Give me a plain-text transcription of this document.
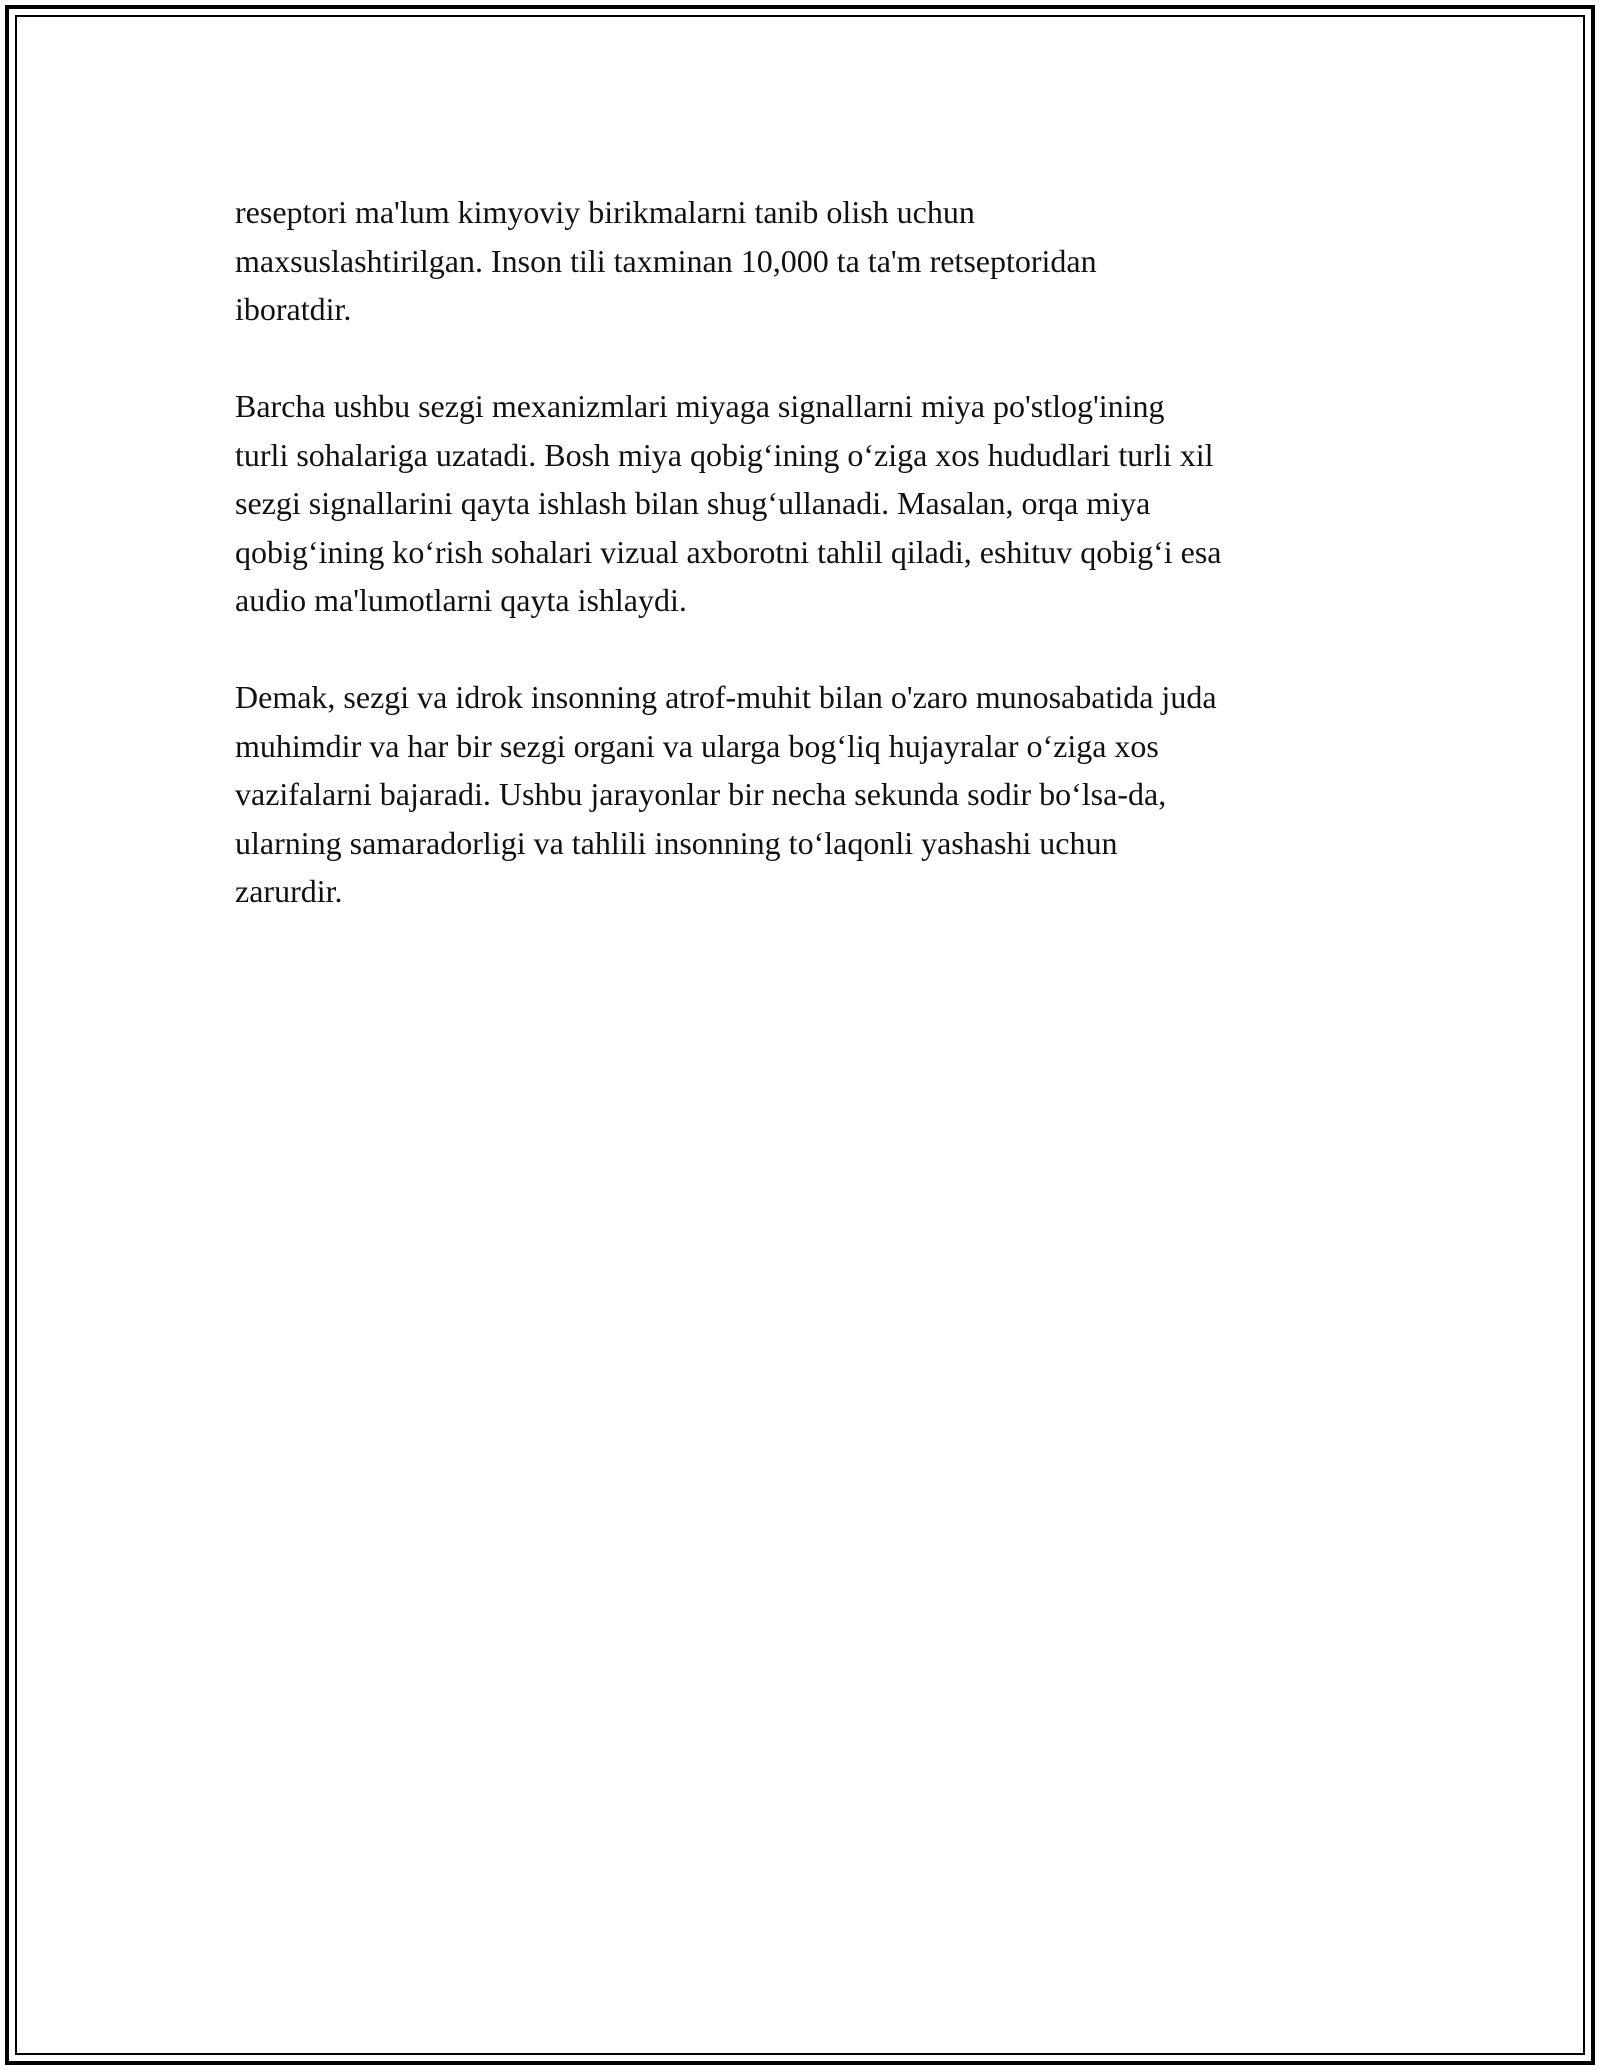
reseptori ma'lum kimyoviy birikmalarni tanib olish uchun
maxsuslashtirilgan. Inson tili taxminan 10,000 ta ta'm retseptoridan
iboratdir.

Barcha ushbu sezgi mexanizmlari miyaga signallarni miya po'stlog'ining
turli sohalariga uzatadi. Bosh miya qobig‘ining o‘ziga xos hududlari turli xil
sezgi signallarini qayta ishlash bilan shug‘ullanadi. Masalan, orqa miya
qobig‘ining ko‘rish sohalari vizual axborotni tahlil qiladi, eshituv qobig‘i esa
audio ma'lumotlarni qayta ishlaydi.

Demak, sezgi va idrok insonning atrof-muhit bilan o'zaro munosabatida juda
muhimdir va har bir sezgi organi va ularga bog‘liq hujayralar o‘ziga xos
vazifalarni bajaradi. Ushbu jarayonlar bir necha sekunda sodir bo‘lsa-da,
ularning samaradorligi va tahlili insonning to‘laqonli yashashi uchun
zarurdir.
